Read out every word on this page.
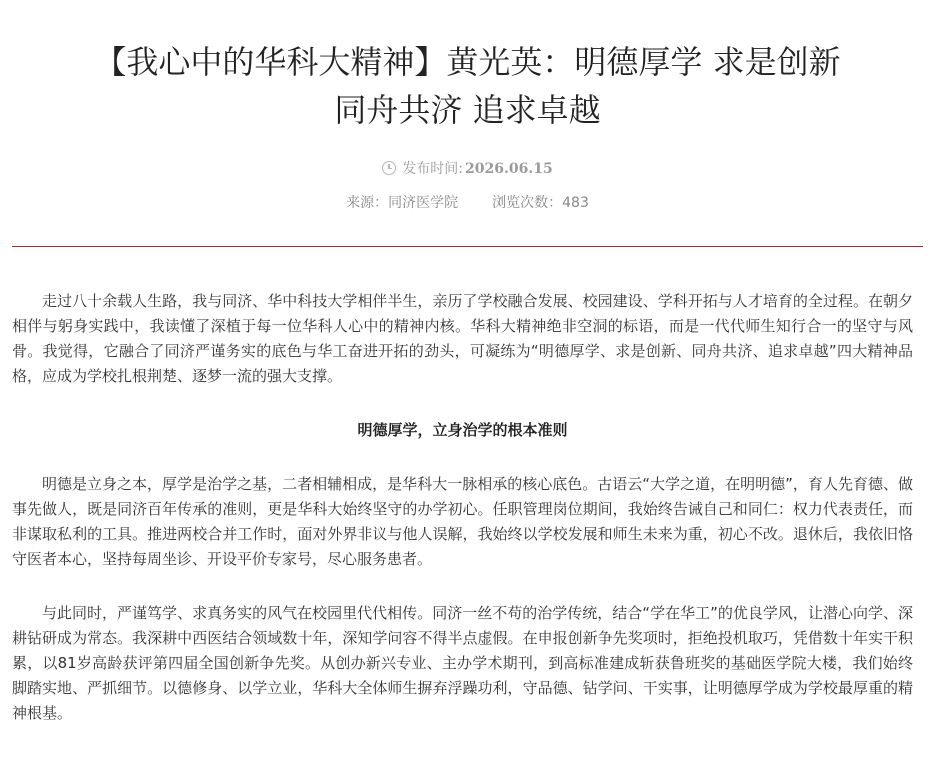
【我心中的华科大精神】黄光英：明德厚学 求是创新
同舟共济 追求卓越
发布时间: 2026.06.15
来源：同济医学院 浏览次数：483

走过八十余载人生路，我与同济、华中科技大学相伴半生，亲历了学校融合发展、校园建设、学科开拓与人才培育的全过程。在朝夕相伴与躬身实践中，我读懂了深植于每一位华科人心中的精神内核。华科大精神绝非空洞的标语，而是一代代师生知行合一的坚守与风骨。我觉得，它融合了同济严谨务实的底色与华工奋进开拓的劲头，可凝练为“明德厚学、求是创新、同舟共济、追求卓越”四大精神品格，应成为学校扎根荆楚、逐梦一流的强大支撑。

明德厚学，立身治学的根本准则

明德是立身之本，厚学是治学之基，二者相辅相成，是华科大一脉相承的核心底色。古语云“大学之道，在明明德”，育人先育德、做事先做人，既是同济百年传承的准则，更是华科大始终坚守的办学初心。任职管理岗位期间，我始终告诫自己和同仁：权力代表责任，而非谋取私利的工具。推进两校合并工作时，面对外界非议与他人误解，我始终以学校发展和师生未来为重，初心不改。退休后，我依旧恪守医者本心，坚持每周坐诊、开设平价专家号，尽心服务患者。

与此同时，严谨笃学、求真务实的风气在校园里代代相传。同济一丝不苟的治学传统，结合“学在华工”的优良学风，让潜心向学、深耕钻研成为常态。我深耕中西医结合领域数十年，深知学问容不得半点虚假。在申报创新争先奖项时，拒绝投机取巧，凭借数十年实干积累，以81岁高龄获评第四届全国创新争先奖。从创办新兴专业、主办学术期刊，到高标准建成斩获鲁班奖的基础医学院大楼，我们始终脚踏实地、严抓细节。以德修身、以学立业，华科大全体师生摒弃浮躁功利，守品德、钻学问、干实事，让明德厚学成为学校最厚重的精神根基。
